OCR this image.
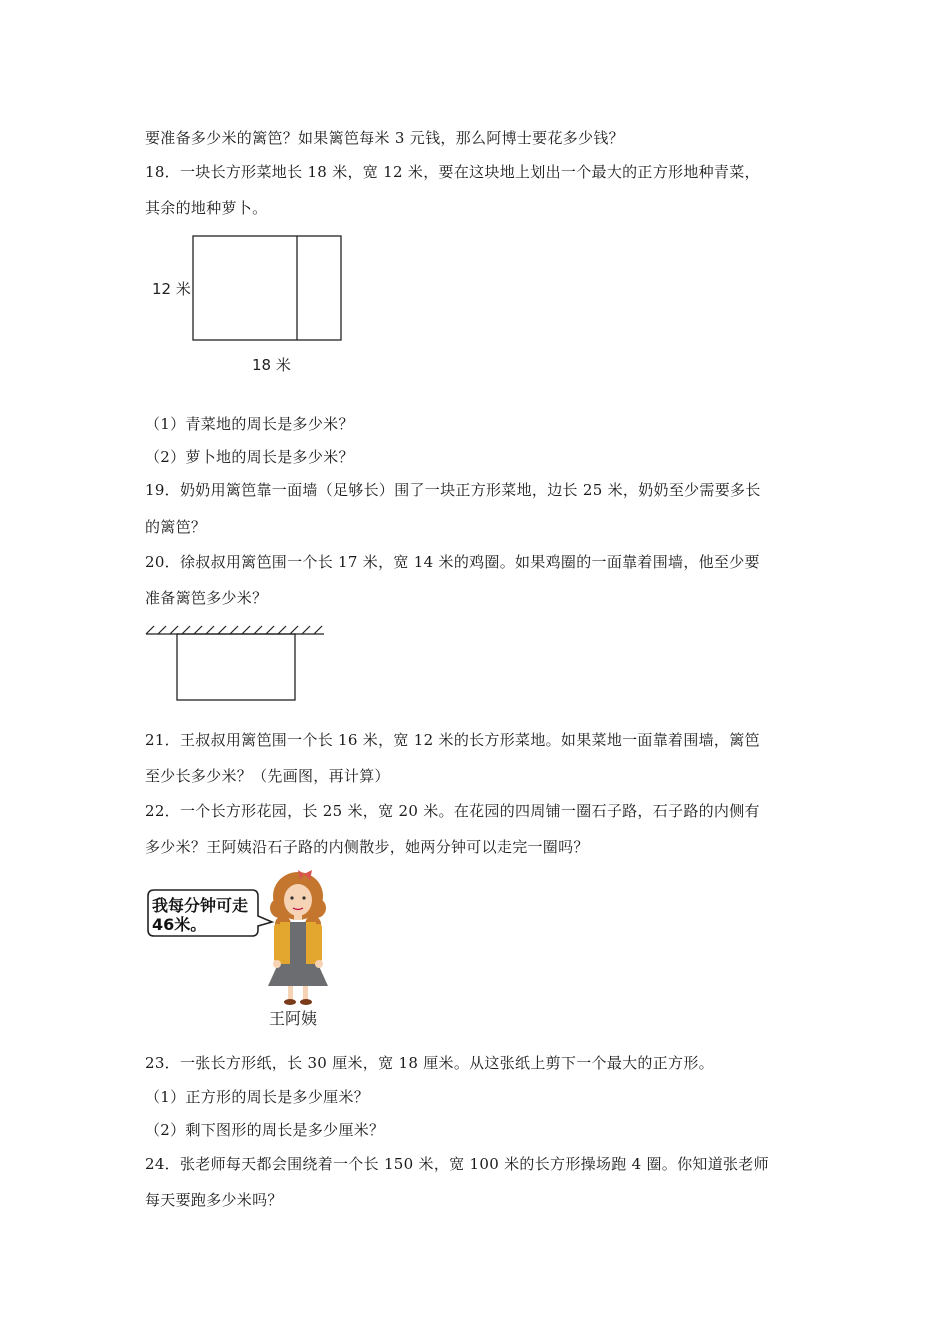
要准备多少米的篱笆？如果篱笆每米 3 元钱，那么阿博士要花多少钱？
18．一块长方形菜地长 18 米，宽 12 米，要在这块地上划出一个最大的正方形地种青菜，
其余的地种萝卜。
12 米
18 米
（1）青菜地的周长是多少米？
（2）萝卜地的周长是多少米？
19．奶奶用篱笆靠一面墙（足够长）围了一块正方形菜地，边长 25 米，奶奶至少需要多长
的篱笆？
20．徐叔叔用篱笆围一个长 17 米，宽 14 米的鸡圈。如果鸡圈的一面靠着围墙，他至少要
准备篱笆多少米？
21．王叔叔用篱笆围一个长 16 米，宽 12 米的长方形菜地。如果菜地一面靠着围墙，篱笆
至少长多少米？（先画图，再计算）
22．一个长方形花园，长 25 米，宽 20 米。在花园的四周铺一圈石子路，石子路的内侧有
多少米？王阿姨沿石子路的内侧散步，她两分钟可以走完一圈吗？
我每分钟可走
46米。
王阿姨
23．一张长方形纸，长 30 厘米，宽 18 厘米。从这张纸上剪下一个最大的正方形。
（1）正方形的周长是多少厘米？
（2）剩下图形的周长是多少厘米？
24．张老师每天都会围绕着一个长 150 米，宽 100 米的长方形操场跑 4 圈。你知道张老师
每天要跑多少米吗？
